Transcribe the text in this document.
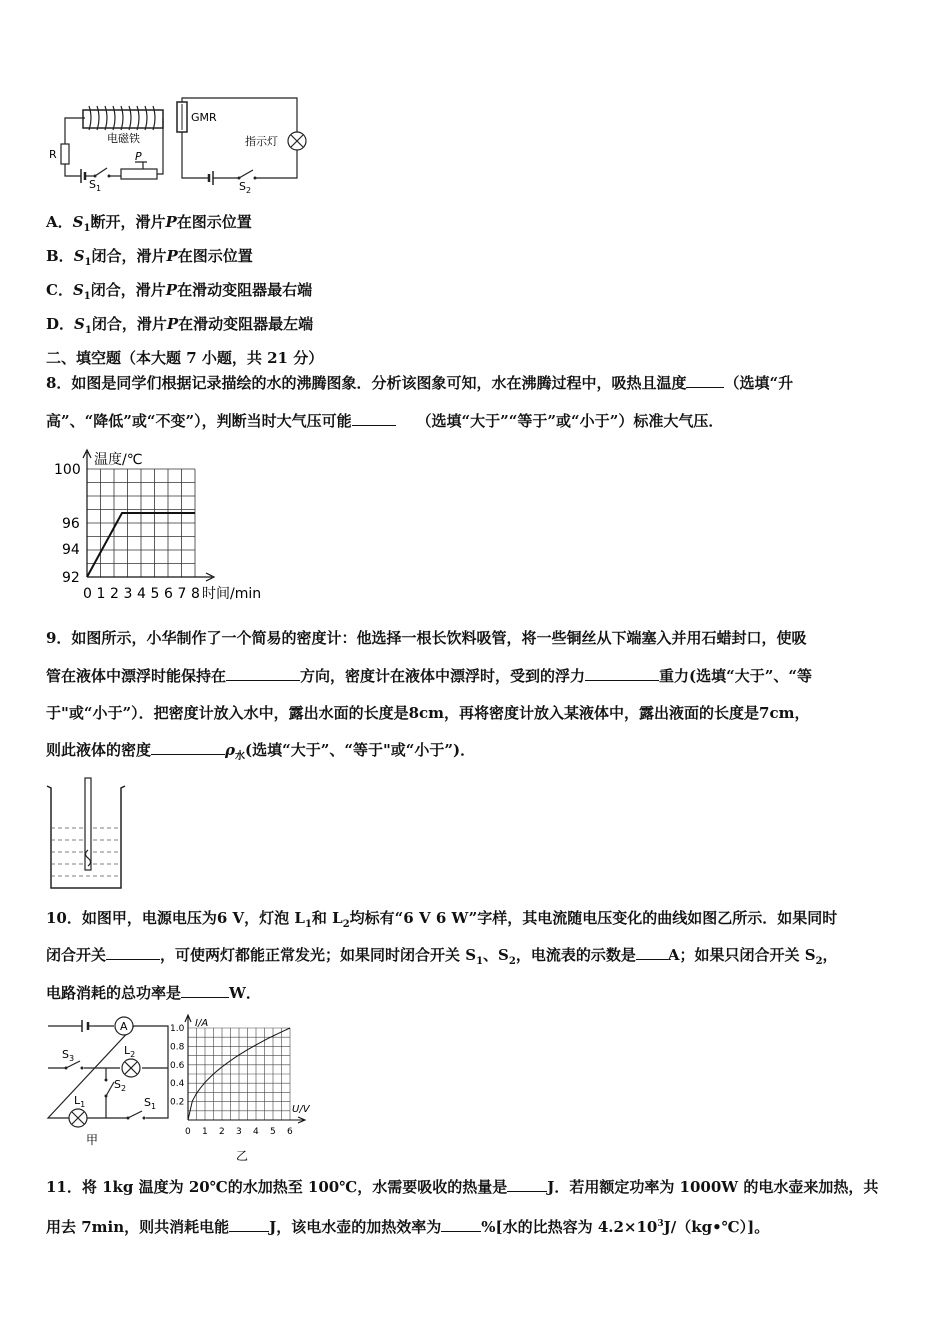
电磁铁
R
$S_1$
P
GMR
指示灯
$S_2$
A．$S_1$断开，滑片P在图示位置
B．$S_1$闭合，滑片P在图示位置
C．$S_1$闭合，滑片P在滑动变阻器最右端
D．$S_1$闭合，滑片P在滑动变阻器最左端
二、填空题（本大题 7 小题，共 21 分）
8．如图是同学们根据记录描绘的水的沸腾图象．分析该图象可知，水在沸腾过程中，吸热且温度	（选填“升
高”、“降低”或“不变”），判断当时大气压可能	（选填“大于”“等于”或“小于”）标准大气压．
温度/℃
时间/min
100
96
94
92
0 1 2 3 4 5 6 7 8
9．如图所示，小华制作了一个简易的密度计：他选择一根长饮料吸管，将一些铜丝从下端塞入并用石蜡封口，使吸
管在液体中漂浮时能保持在	方向，密度计在液体中漂浮时，受到的浮力	重力(选填“大于”、“等
于"或“小于”）．把密度计放入水中，露出水面的长度是8cm，再将密度计放入某液体中，露出液面的长度是7cm，
则此液体的密度	$\rho_水$(选填“大于”、“等于"或“小于”)．
10．如图甲，电源电压为6 V，灯泡 $L_1$和 $L_2$均标有“6 V 6 W”字样，其电流随电压变化的曲线如图乙所示．如果同时
闭合开关	，可使两灯都能正常发光；如果同时闭合开关 $S_1$、$S_2$，电流表的示数是 A；如果只闭合开关 $S_2$，
电路消耗的总功率是	W．
A
$S_3$
$L_2$
$S_2$
$L_1$	$S_1$
甲
I/A
U/V
1.0
0.8
0.6
0.4
0.2
0 1 2 3 4 5 6
乙
11．将 1kg 温度为 20℃的水加热至 100℃，水需要吸收的热量是	J．若用额定功率为 1000W 的电水壶来加热，共
用去 7min，则共消耗电能	J，该电水壶的加热效率为	%[水的比热容为 $4.2\times 10^3J/(kg•℃)$]。
